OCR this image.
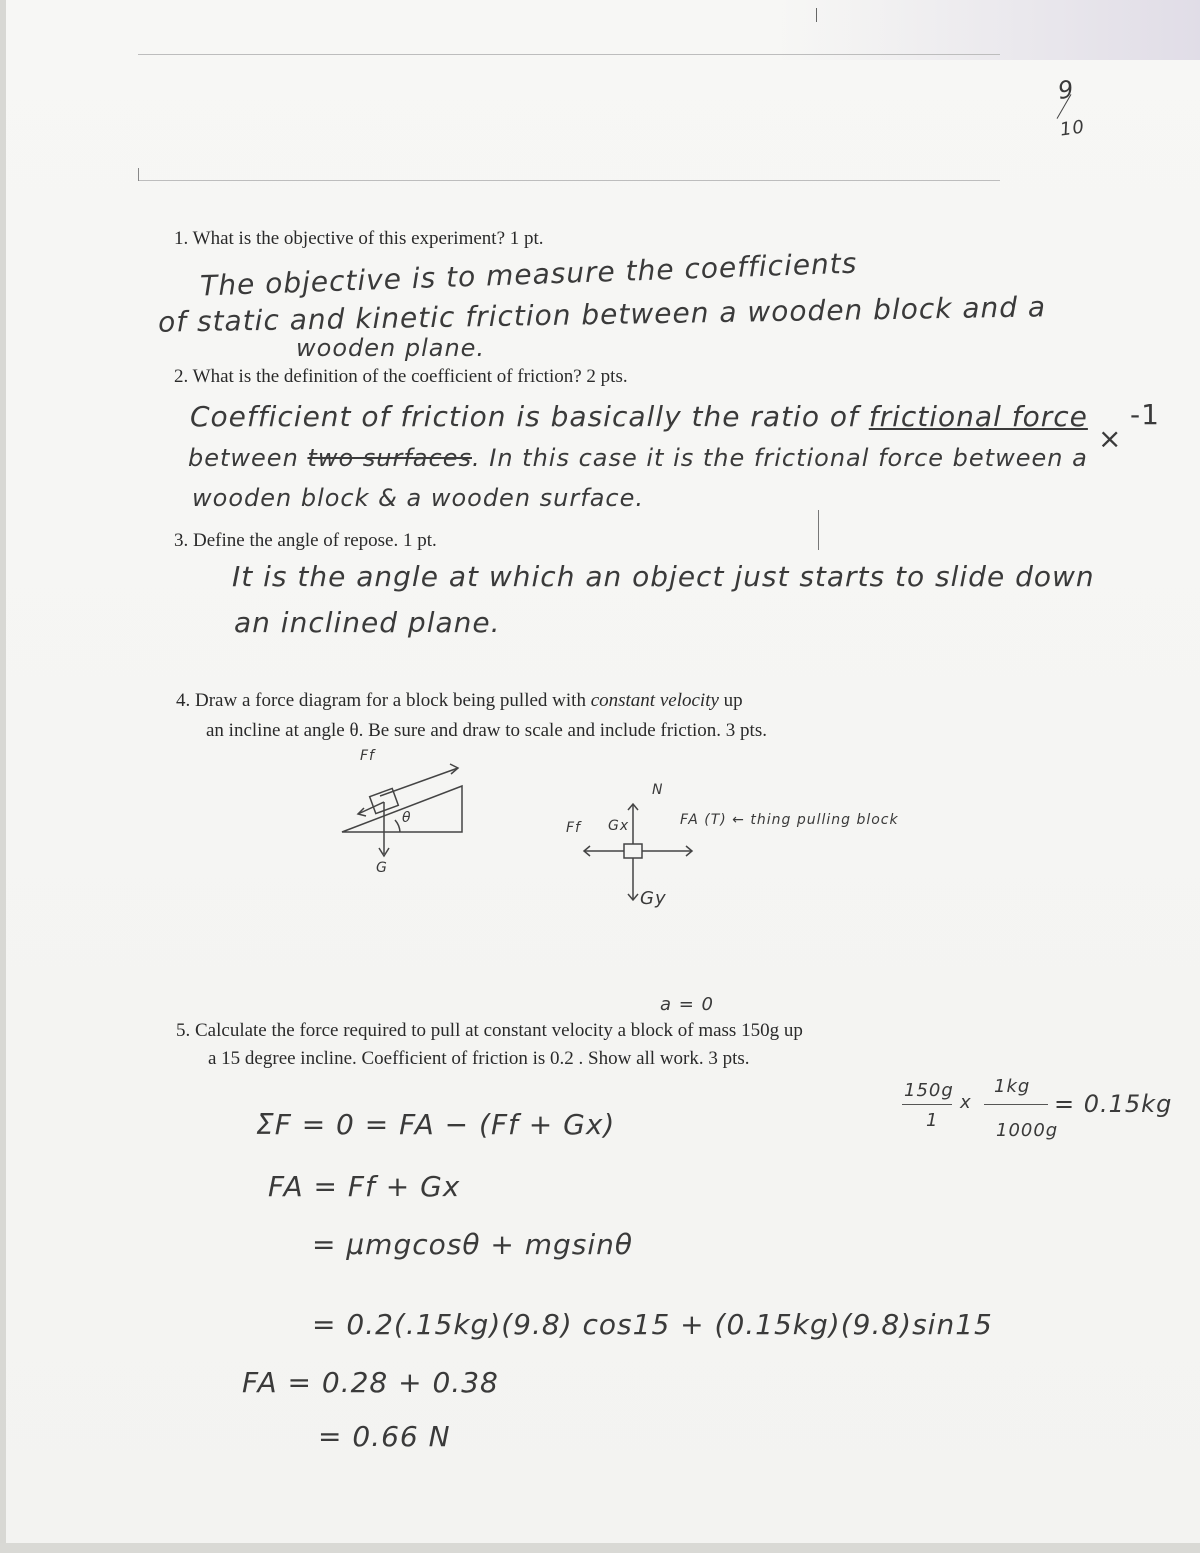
9
10
1. What is the objective of this experiment? 1 pt.
The objective is to measure the coefficients
of static and kinetic friction between a wooden block and a
wooden plane.
2. What is the definition of the coefficient of friction? 2 pts.
Coefficient of friction is basically the ratio of frictional force
between two surfaces. In this case it is the frictional force between a
wooden block & a wooden surface.
×
-1
3. Define the angle of repose. 1 pt.
It is the angle at which an object just starts to slide down
an inclined plane.
4. Draw a force diagram for a block being pulled with constant velocity up
an incline at angle θ. Be sure and draw to scale and include friction. 3 pts.
Ff
G
θ
Ff Gx
N
FA (T) ← thing pulling block
Gy
a = 0
5. Calculate the force required to pull at constant velocity a block of mass 150g up
a 15 degree incline. Coefficient of friction is 0.2 . Show all work. 3 pts.
150g
1
x
1kg
1000g
= 0.15kg
ΣF = 0 = FA − (Ff + Gx)
FA = Ff + Gx
= μmgcosθ + mgsinθ
= 0.2(.15kg)(9.8) cos15 + (0.15kg)(9.8)sin15
FA = 0.28 + 0.38
= 0.66 N
